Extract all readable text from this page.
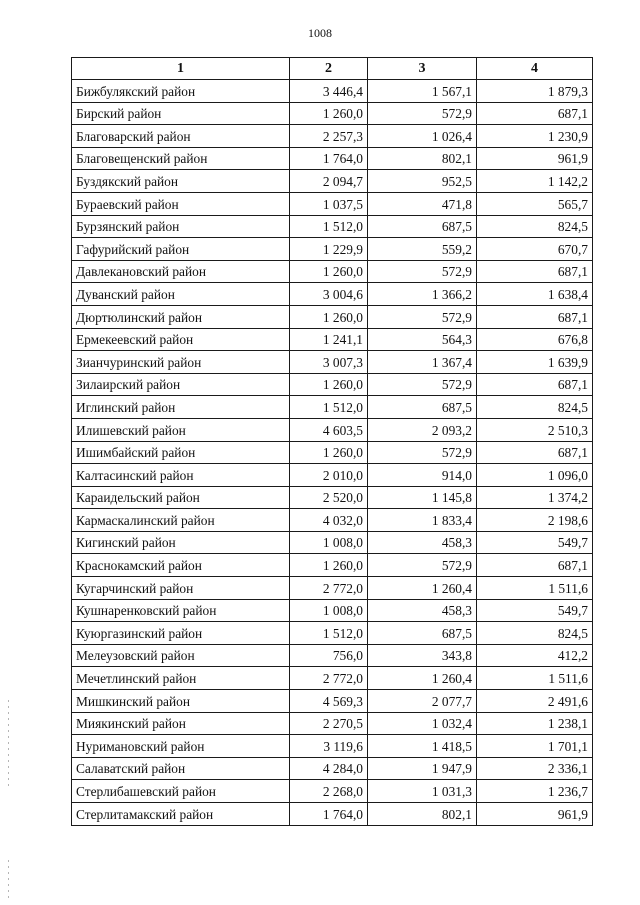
1008
1	2	3	4
Бижбулякский район	3 446,4	1 567,1	1 879,3
Бирский район	1 260,0	572,9	687,1
Благоварский район	2 257,3	1 026,4	1 230,9
Благовещенский район	1 764,0	802,1	961,9
Буздякский район	2 094,7	952,5	1 142,2
Бураевский район	1 037,5	471,8	565,7
Бурзянский район	1 512,0	687,5	824,5
Гафурийский район	1 229,9	559,2	670,7
Давлекановский район	1 260,0	572,9	687,1
Дуванский район	3 004,6	1 366,2	1 638,4
Дюртюлинский район	1 260,0	572,9	687,1
Ермекеевский район	1 241,1	564,3	676,8
Зианчуринский район	3 007,3	1 367,4	1 639,9
Зилаирский район	1 260,0	572,9	687,1
Иглинский район	1 512,0	687,5	824,5
Илишевский район	4 603,5	2 093,2	2 510,3
Ишимбайский район	1 260,0	572,9	687,1
Калтасинский район	2 010,0	914,0	1 096,0
Караидельский район	2 520,0	1 145,8	1 374,2
Кармаскалинский район	4 032,0	1 833,4	2 198,6
Кигинский район	1 008,0	458,3	549,7
Краснокамский район	1 260,0	572,9	687,1
Кугарчинский район	2 772,0	1 260,4	1 511,6
Кушнаренковский район	1 008,0	458,3	549,7
Куюргазинский район	1 512,0	687,5	824,5
Мелеузовский район	756,0	343,8	412,2
Мечетлинский район	2 772,0	1 260,4	1 511,6
Мишкинский район	4 569,3	2 077,7	2 491,6
Миякинский район	2 270,5	1 032,4	1 238,1
Нуримановский район	3 119,6	1 418,5	1 701,1
Салаватский район	4 284,0	1 947,9	2 336,1
Стерлибашевский район	2 268,0	1 031,3	1 236,7
Стерлитамакский район	1 764,0	802,1	961,9
